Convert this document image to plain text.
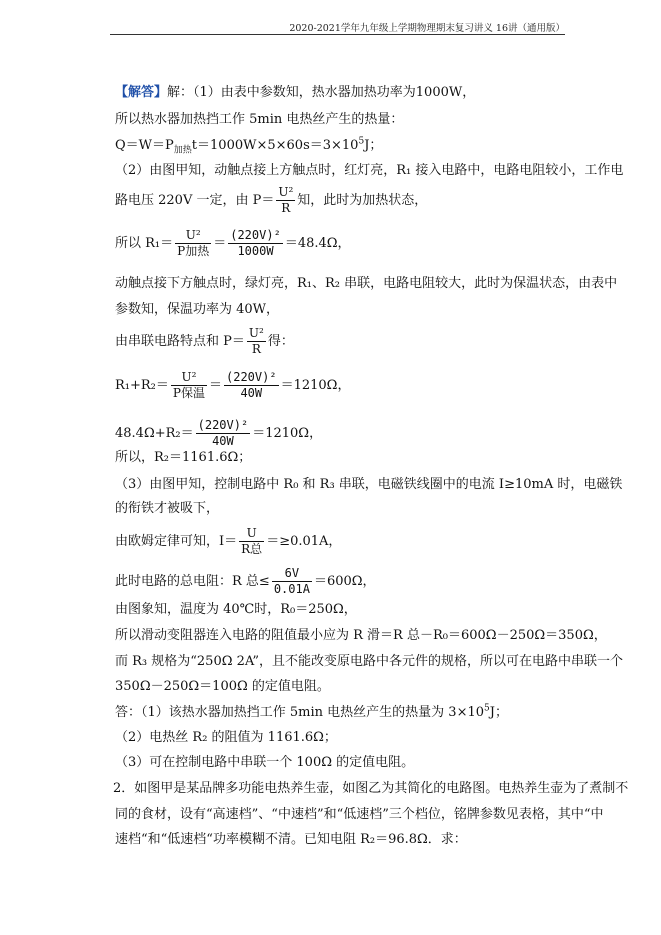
2020-2021学年九年级上学期物理期末复习讲义 16讲（通用版）
【解答】解：（1）由表中参数知，热水器加热功率为1000W，
所以热水器加热挡工作 5min 电热丝产生的热量：
$Q=W=P_{加热}t=1000W\times 5\times 60s=3\times 10^5J$；
（2）由图甲知，动触点接上方触点时，红灯亮，R₁ 接入电路中，电路电阻较小，工作电
路电压 220V 一定，由 $P= \frac{\text{U²}}{R}$ 知，此时为加热状态，
所以 $R_1= \frac{\text{U²}}{\text{P加热}} = \frac{\text{(220V)²}}{1000W} =48.4\Omega$，
动触点接下方触点时，绿灯亮，R₁、R₂ 串联，电路电阻较大，此时为保温状态，由表中
参数知，保温功率为 40W，
由串联电路特点和 $P= \frac{\text{U²}}{R}$ 得：
$R_1+R_2= \frac{\text{U²}}{\text{P保温}} = \frac{\text{(220V)²}}{40W} =1210\Omega$，
$48.4\Omega+R_2= \frac{\text{(220V)²}}{40W} =1210\Omega$，
所以，R₂＝1161.6Ω；
（3）由图甲知，控制电路中 R₀ 和 R₃ 串联，电磁铁线圈中的电流 I≥10mA 时，电磁铁
的衔铁才被吸下，
由欧姆定律可知，$I= \frac{U}{\text{R总}} =\ge 0.01A$，
此时电路的总电阻：R 总≤ $\frac{6V}{0.01A} =600\Omega$，
由图象知，温度为 40℃时，R₀＝250Ω，
所以滑动变阻器连入电路的阻值最小应为 R 滑＝R 总－R₀＝600Ω－250Ω＝350Ω，
而 R₃ 规格为“250Ω 2A”，且不能改变原电路中各元件的规格，所以可在电路中串联一个
350Ω－250Ω＝100Ω 的定值电阻。
答：（1）该热水器加热挡工作 5min 电热丝产生的热量为 $3\times 10^5J$；
（2）电热丝 R₂ 的阻值为 1161.6Ω；
（3）可在控制电路中串联一个 100Ω 的定值电阻。
2．如图甲是某品牌多功能电热养生壶，如图乙为其简化的电路图。电热养生壶为了煮制不
同的食材，设有“高速档”、“中速档”和“低速档”三个档位，铭牌参数见表格，其中“中
速档“和“低速档“功率模糊不清。已知电阻 R₂＝96.8Ω．求：
